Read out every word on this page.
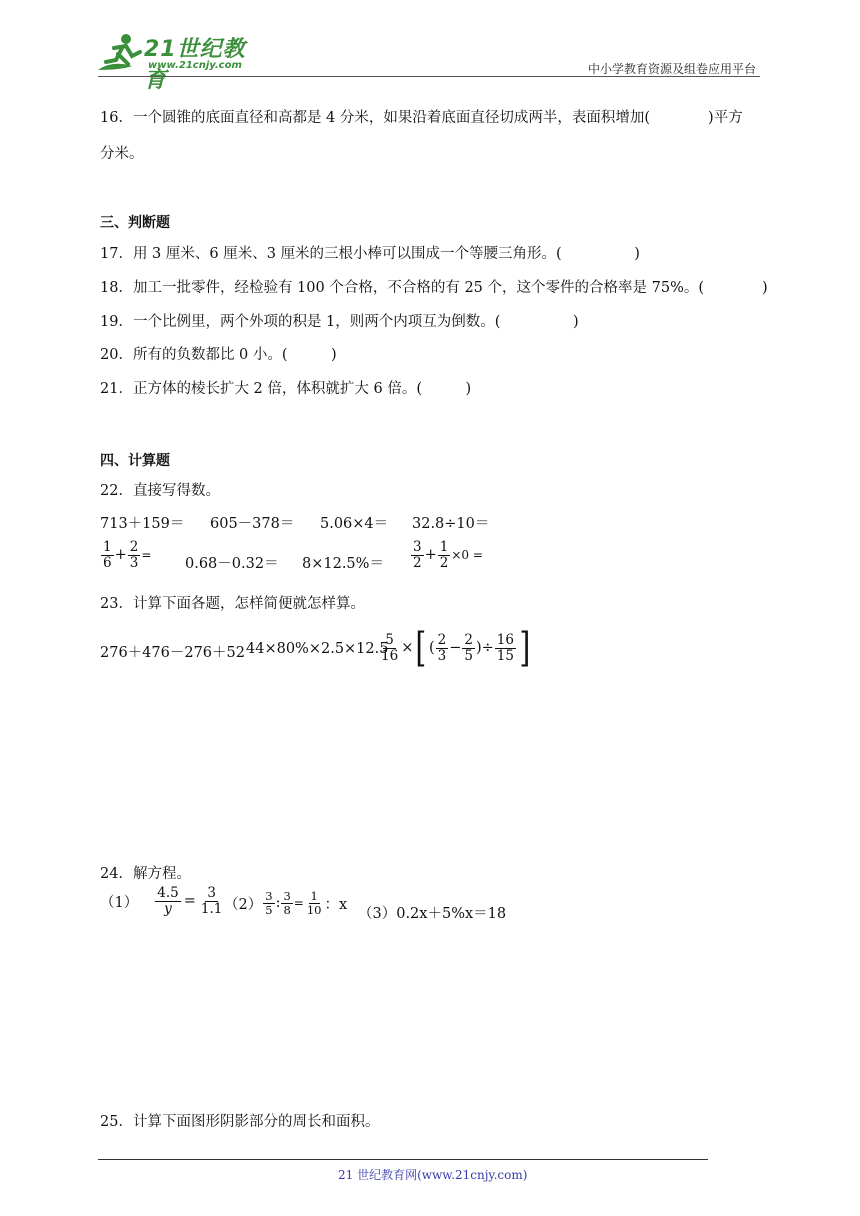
21世纪教育
www.21cnjy.com	中小学教育资源及组卷应用平台
16．一个圆锥的底面直径和高都是 4 分米，如果沿着底面直径切成两半，表面积增加(　　　　)平方
分米。
三、判断题
17．用 3 厘米、6 厘米、3 厘米的三根小棒可以围成一个等腰三角形。(　　　　　)
18．加工一批零件，经检验有 100 个合格，不合格的有 25 个，这个零件的合格率是 75%。(　　　　)
19．一个比例里，两个外项的积是 1，则两个内项互为倒数。(　　　　　)
20．所有的负数都比 0 小。(　　　)
21．正方体的棱长扩大 2 倍，体积就扩大 6 倍。(　　　)
四、计算题
22．直接写得数。
713＋159＝ 605－378＝ 5.06×4＝ 32.8÷10＝
$\frac{1}{6} + \frac{2}{3}$ =
$0.68-0.32= 8\times 12.5\%= \frac{3}{2} + \frac{1}{2} \times 0$ =
23．计算下面各题，怎样简便就怎样算。
276＋476－276＋52 44×80%×2.5×12.5
$\frac{5}{16}$ × [ ( $\frac{2}{3} - \frac{2}{5}$ ) ÷ $\frac{16}{15}$ ]
24．解方程。
$(1) \frac{4.5}{y} = \frac{3}{1.1} (2) \frac{3}{5}$ : $\frac{3}{8} = \frac{1}{10}$ ：x
（3）0.2x＋5%x＝18
25．计算下面图形阴影部分的周长和面积。
21 世纪教育网(www.21cnjy.com)
